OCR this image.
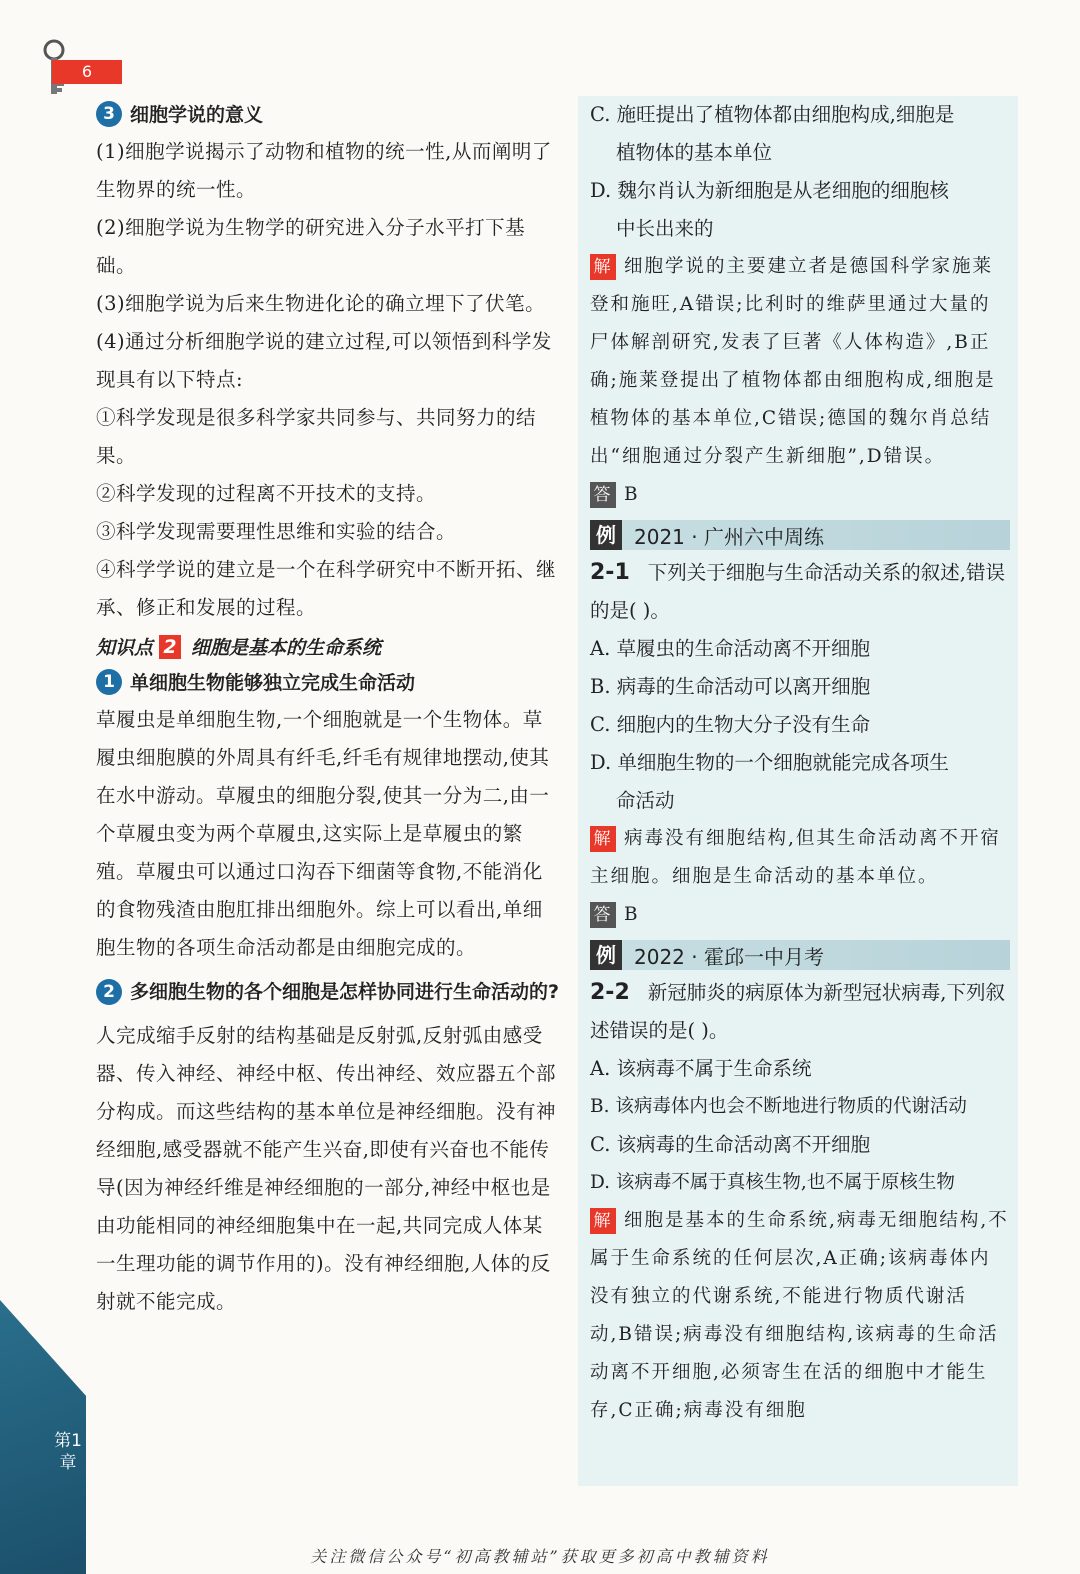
6
3 细胞学说的意义

(1)细胞学说揭示了动物和植物的统一性,从而阐明了生物界的统一性。

(2)细胞学说为生物学的研究进入分子水平打下基础。

(3)细胞学说为后来生物进化论的确立埋下了伏笔。

(4)通过分析细胞学说的建立过程,可以领悟到科学发现具有以下特点:

①科学发现是很多科学家共同参与、共同努力的结果。

②科学发现的过程离不开技术的支持。

③科学发现需要理性思维和实验的结合。

④科学学说的建立是一个在科学研究中不断开拓、继承、修正和发展的过程。

知识点 2 细胞是基本的生命系统
1 单细胞生物能够独立完成生命活动

草履虫是单细胞生物,一个细胞就是一个生物体。草履虫细胞膜的外周具有纤毛,纤毛有规律地摆动,使其在水中游动。草履虫的细胞分裂,使其一分为二,由一个草履虫变为两个草履虫,这实际上是草履虫的繁殖。草履虫可以通过口沟吞下细菌等食物,不能消化的食物残渣由胞肛排出细胞外。综上可以看出,单细胞生物的各项生命活动都是由细胞完成的。

2 多细胞生物的各个细胞是怎样协同进行生命活动的?

人完成缩手反射的结构基础是反射弧,反射弧由感受器、传入神经、神经中枢、传出神经、效应器五个部分构成。而这些结构的基本单位是神经细胞。没有神经细胞,感受器就不能产生兴奋,即使有兴奋也不能传导(因为神经纤维是神经细胞的一部分,神经中枢也是由功能相同的神经细胞集中在一起,共同完成人体某一生理功能的调节作用的)。没有神经细胞,人体的反射就不能完成。

C. 施旺提出了植物体都由细胞构成,细胞是
植物体的基本单位

D. 魏尔肖认为新细胞是从老细胞的细胞核
中长出来的

解 细胞学说的主要建立者是德国科学家施莱登和施旺,A错误;比利时的维萨里通过大量的尸体解剖研究,发表了巨著《人体构造》,B正确;施莱登提出了植物体都由细胞构成,细胞是植物体的基本单位,C错误;德国的魏尔肖总结出“细胞通过分裂产生新细胞”,D错误。

答 B

例 2021 · 广州六中周练

2-1 下列关于细胞与生命活动关系的叙述,错误的是( )。

A. 草履虫的生命活动离不开细胞

B. 病毒的生命活动可以离开细胞

C. 细胞内的生物大分子没有生命

D. 单细胞生物的一个细胞就能完成各项生
命活动

解 病毒没有细胞结构,但其生命活动离不开宿主细胞。细胞是生命活动的基本单位。

答 B

例 2022 · 霍邱一中月考

2-2 新冠肺炎的病原体为新型冠状病毒,下列叙述错误的是( )。

A. 该病毒不属于生命系统

B. 该病毒体内也会不断地进行物质的代谢活动

C. 该病毒的生命活动离不开细胞

D. 该病毒不属于真核生物,也不属于原核生物

解 细胞是基本的生命系统,病毒无细胞结构,不属于生命系统的任何层次,A正确;该病毒体内没有独立的代谢系统,不能进行物质代谢活动,B错误;病毒没有细胞结构,该病毒的生命活动离不开细胞,必须寄生在活的细胞中才能生存,C正确;病毒没有细胞

第1章
关注微信公众号“初高教辅站”获取更多初高中教辅资料
